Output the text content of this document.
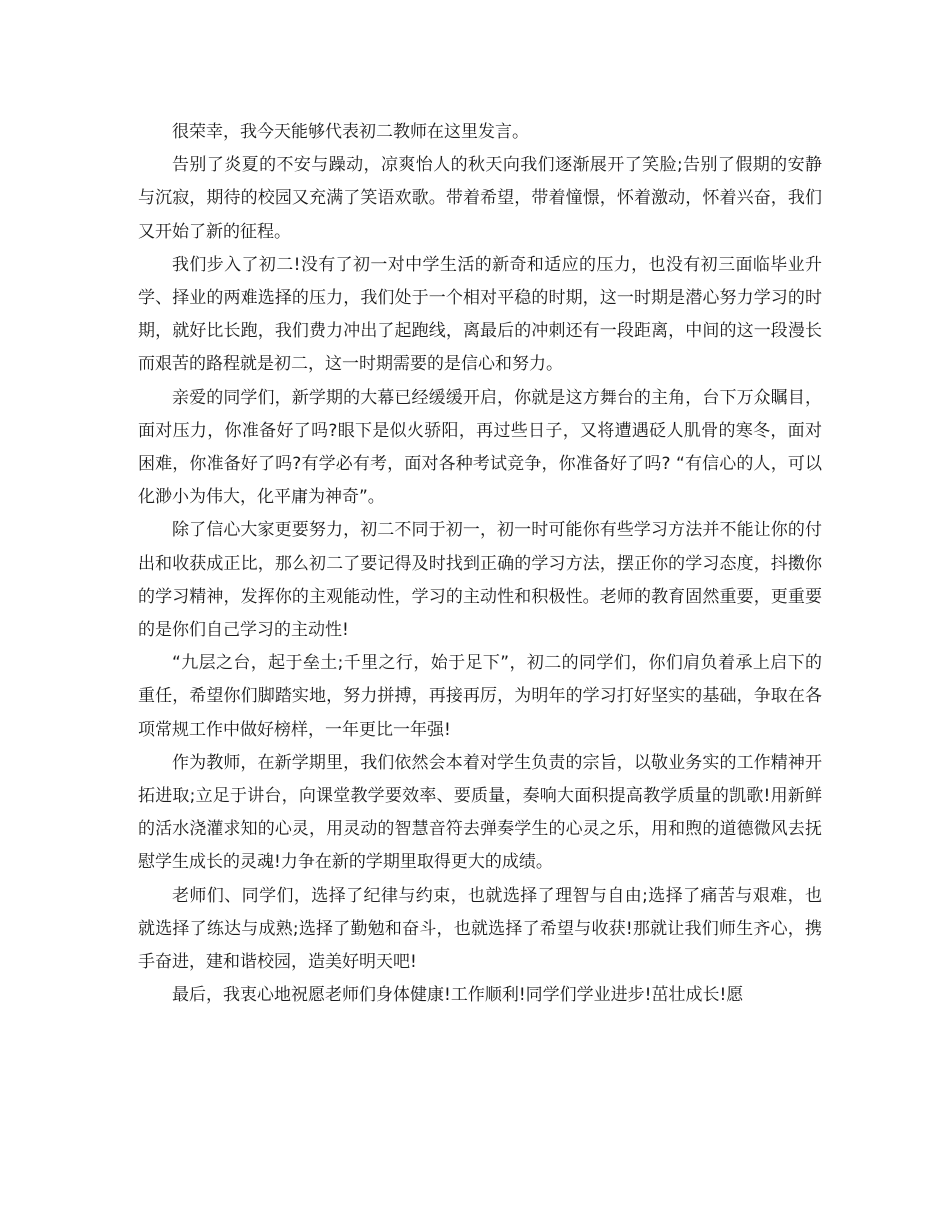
很荣幸，我今天能够代表初二教师在这里发言。

告别了炎夏的不安与躁动，凉爽怡人的秋天向我们逐渐展开了笑脸;告别了假期的安静与沉寂，期待的校园又充满了笑语欢歌。带着希望，带着憧憬，怀着激动，怀着兴奋，我们又开始了新的征程。

我们步入了初二!没有了初一对中学生活的新奇和适应的压力，也没有初三面临毕业升学、择业的两难选择的压力，我们处于一个相对平稳的时期，这一时期是潜心努力学习的时期，就好比长跑，我们费力冲出了起跑线，离最后的冲刺还有一段距离，中间的这一段漫长而艰苦的路程就是初二，这一时期需要的是信心和努力。

亲爱的同学们，新学期的大幕已经缓缓开启，你就是这方舞台的主角，台下万众瞩目，面对压力，你准备好了吗?眼下是似火骄阳，再过些日子，又将遭遇砭人肌骨的寒冬，面对困难，你准备好了吗?有学必有考，面对各种考试竞争，你准备好了吗? “有信心的人，可以化渺小为伟大，化平庸为神奇”。

除了信心大家更要努力，初二不同于初一，初一时可能你有些学习方法并不能让你的付出和收获成正比，那么初二了要记得及时找到正确的学习方法，摆正你的学习态度，抖擞你的学习精神，发挥你的主观能动性，学习的主动性和积极性。老师的教育固然重要，更重要的是你们自己学习的主动性!

“九层之台，起于垒土;千里之行，始于足下”，初二的同学们，你们肩负着承上启下的重任，希望你们脚踏实地，努力拼搏，再接再厉，为明年的学习打好坚实的基础，争取在各项常规工作中做好榜样，一年更比一年强!

作为教师，在新学期里，我们依然会本着对学生负责的宗旨，以敬业务实的工作精神开拓进取;立足于讲台，向课堂教学要效率、要质量，奏响大面积提高教学质量的凯歌!用新鲜的活水浇灌求知的心灵，用灵动的智慧音符去弹奏学生的心灵之乐，用和煦的道德微风去抚慰学生成长的灵魂!力争在新的学期里取得更大的成绩。

老师们、同学们，选择了纪律与约束，也就选择了理智与自由;选择了痛苦与艰难，也就选择了练达与成熟;选择了勤勉和奋斗，也就选择了希望与收获!那就让我们师生齐心，携手奋进，建和谐校园，造美好明天吧!

最后，我衷心地祝愿老师们身体健康!工作顺利!同学们学业进步!茁壮成长!愿
